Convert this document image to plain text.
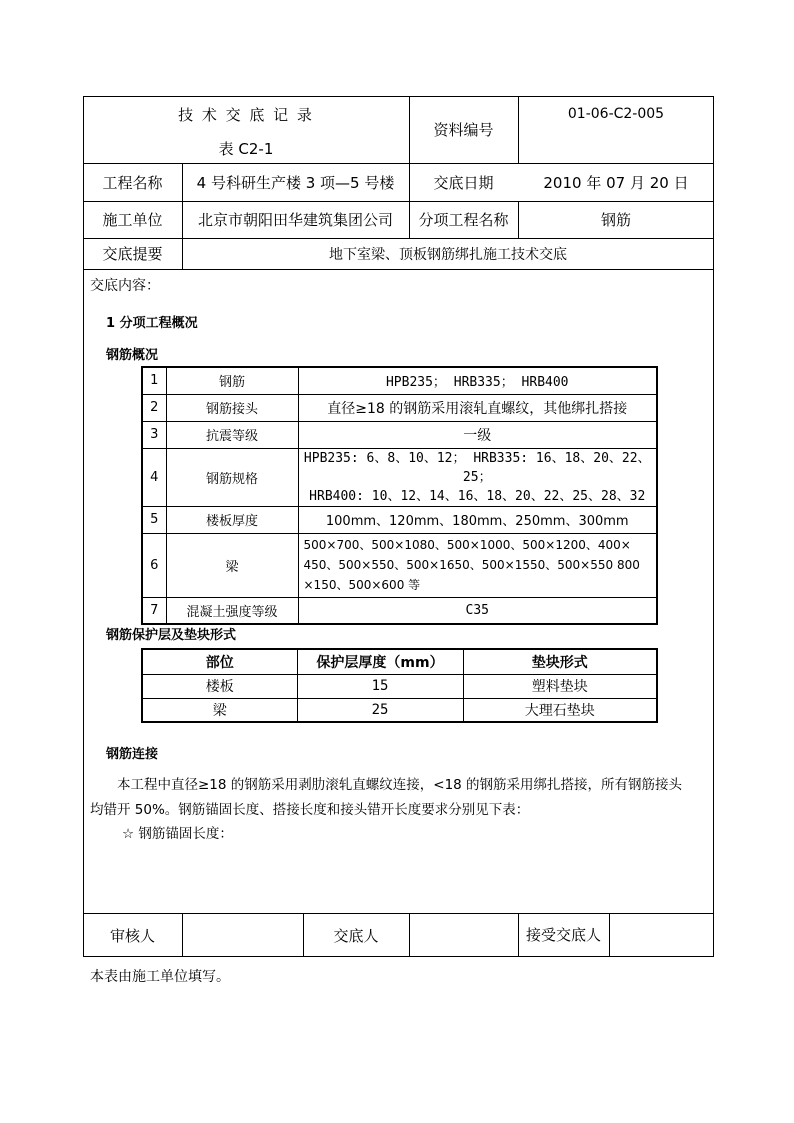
技 术 交 底 记 录
表 C2-1
资料编号
01-06-C2-005
工程名称	4 号科研生产楼 3 项—5 号楼	交底日期	2010 年 07 月 20 日
施工单位	北京市朝阳田华建筑集团公司	分项工程名称	钢筋
交底提要	地下室梁、顶板钢筋绑扎施工技术交底
交底内容：
1 分项工程概况
钢筋概况
1	钢筋	HPB235； HRB335； HRB400
2	钢筋接头	直径≥18 的钢筋采用滚轧直螺纹，其他绑扎搭接
3	抗震等级	一级
4	钢筋规格	HPB235: 6、8、10、12； HRB335: 16、18、20、22、25；
HRB400: 10、12、14、16、18、20、22、25、28、32

5	楼板厚度	100mm、120mm、180mm、250mm、300mm
6	梁	500×700、500×1080、500×1000、500×1200、400×
450、500×550、500×1650、500×1550、500×550 800
×150、500×600 等

7	混凝土强度等级	C35
钢筋保护层及垫块形式
部位	保护层厚度（mm）	垫块形式
楼板	15	塑料垫块
梁	25	大理石垫块
钢筋连接
本工程中直径≥18 的钢筋采用剥肋滚轧直螺纹连接，<18 的钢筋采用绑扎搭接，所有钢筋接头
均错开 50%。钢筋锚固长度、搭接长度和接头错开长度要求分别见下表：
☆ 钢筋锚固长度：
审核人	交底人	接受交底人
本表由施工单位填写。
